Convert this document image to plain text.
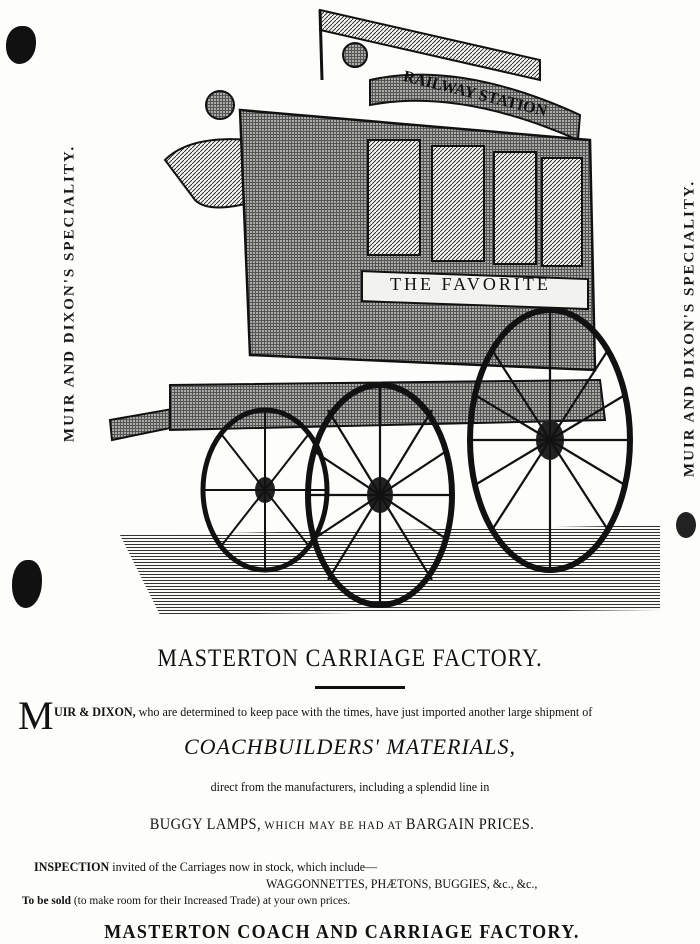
MUIR AND DIXON'S SPECIALITY.	MUIR AND DIXON'S SPECIALITY.
RAILWAY STATION
THE FAVORITE
MASTERTON CARRIAGE FACTORY.
M UIR & DIXON, who are determined to keep pace with the times, have just imported another large shipment of
COACHBUILDERS' MATERIALS,
direct from the manufacturers, including a splendid line in
BUGGY LAMPS, WHICH MAY BE HAD AT BARGAIN PRICES.
INSPECTION invited of the Carriages now in stock, which include—
WAGGONNETTES, PHÆTONS, BUGGIES, &c., &c.,
To be sold (to make room for their Increased Trade) at your own prices.
MASTERTON COACH AND CARRIAGE FACTORY.
